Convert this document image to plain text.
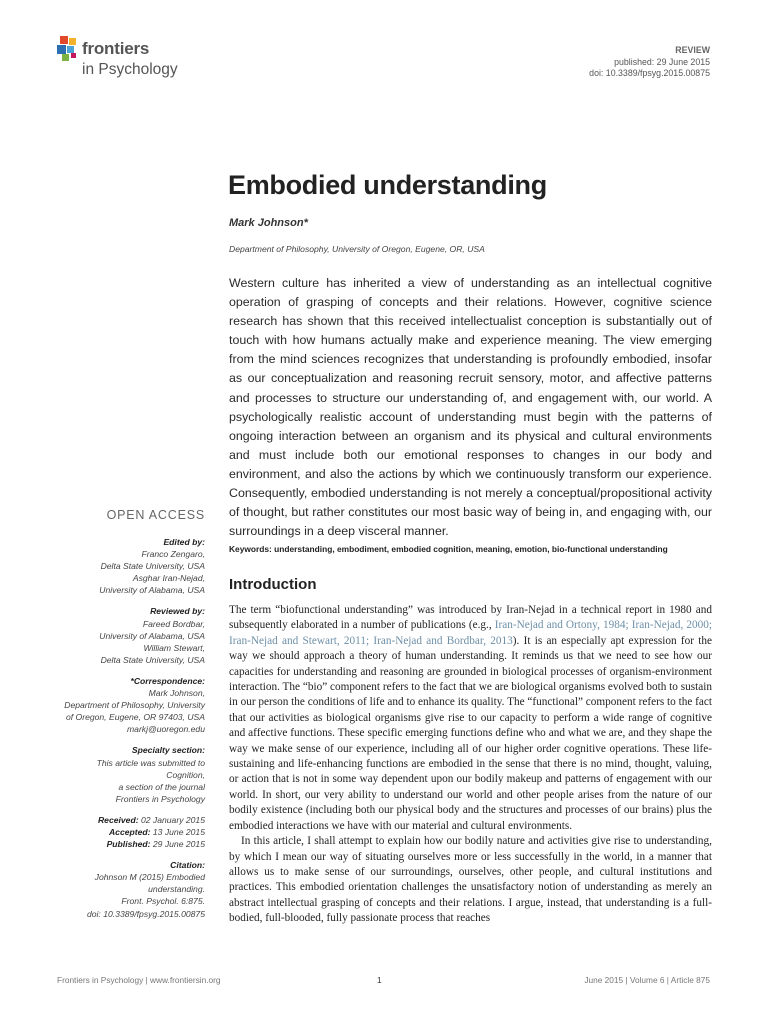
frontiers
in Psychology
REVIEW
published: 29 June 2015
doi: 10.3389/fpsyg.2015.00875
Embodied understanding
Mark Johnson*
Department of Philosophy, University of Oregon, Eugene, OR, USA

Western culture has inherited a view of understanding as an intellectual cognitive operation of grasping of concepts and their relations. However, cognitive science research has shown that this received intellectualist conception is substantially out of touch with how humans actually make and experience meaning. The view emerging from the mind sciences recognizes that understanding is profoundly embodied, insofar as our conceptualization and reasoning recruit sensory, motor, and affective patterns and processes to structure our understanding of, and engagement with, our world. A psychologically realistic account of understanding must begin with the patterns of ongoing interaction between an organism and its physical and cultural environments and must include both our emotional responses to changes in our body and environment, and also the actions by which we continuously transform our experience. Consequently, embodied understanding is not merely a conceptual/propositional activity of thought, but rather constitutes our most basic way of being in, and engaging with, our surroundings in a deep visceral manner.

Keywords: understanding, embodiment, embodied cognition, meaning, emotion, bio-functional understanding
OPEN ACCESS
Edited by:
Franco Zengaro,
Delta State University, USA
Asghar Iran-Nejad,
University of Alabama, USA
Reviewed by:
Fareed Bordbar,
University of Alabama, USA
William Stewart,
Delta State University, USA
*Correspondence:
Mark Johnson,
Department of Philosophy, University
of Oregon, Eugene, OR 97403, USA
markj@uoregon.edu
Specialty section:
This article was submitted to
Cognition,
a section of the journal
Frontiers in Psychology
Received: 02 January 2015
Accepted: 13 June 2015
Published: 29 June 2015
Citation:
Johnson M (2015) Embodied
understanding.
Front. Psychol. 6:875.
doi: 10.3389/fpsyg.2015.00875
Introduction

The term “biofunctional understanding” was introduced by Iran-Nejad in a technical report in 1980 and subsequently elaborated in a number of publications (e.g., Iran-Nejad and Ortony, 1984; Iran-Nejad, 2000; Iran-Nejad and Stewart, 2011; Iran-Nejad and Bordbar, 2013). It is an especially apt expression for the way we should approach a theory of human understanding. It reminds us that we need to see how our capacities for understanding and reasoning are grounded in biological processes of organism-environment interaction. The “bio” component refers to the fact that we are biological organisms evolved both to sustain in our person the conditions of life and to enhance its quality. The “functional” component refers to the fact that our activities as biological organisms give rise to our capacity to perform a wide range of cognitive and affective functions. These specific emerging functions define who and what we are, and they shape the way we make sense of our experience, including all of our higher order cognitive operations. These life-sustaining and life-enhancing functions are embodied in the sense that there is no mind, thought, valuing, or action that is not in some way dependent upon our bodily makeup and patterns of engagement with our world. In short, our very ability to understand our world and other people arises from the nature of our bodily existence (including both our physical body and the structures and processes of our brains) plus the embodied interactions we have with our material and cultural environments.

In this article, I shall attempt to explain how our bodily nature and activities give rise to understanding, by which I mean our way of situating ourselves more or less successfully in the world, in a manner that allows us to make sense of our surroundings, ourselves, other people, and cultural institutions and practices. This embodied orientation challenges the unsatisfactory notion of understanding as merely an abstract intellectual grasping of concepts and their relations. I argue, instead, that understanding is a full-bodied, full-blooded, fully passionate process that reaches

Frontiers in Psychology | www.frontiersin.org	1	June 2015 | Volume 6 | Article 875
